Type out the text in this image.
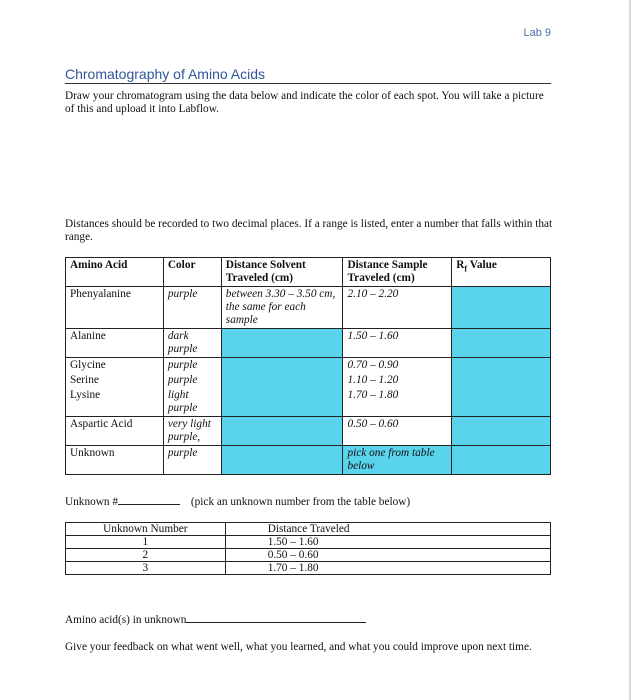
Lab 9
Chromatography of Amino Acids
Draw your chromatogram using the data below and indicate the color of each spot. You will take a picture of this and upload it into Labflow.
Distances should be recorded to two decimal places. If a range is listed, enter a number that falls within that range.
Amino Acid	Color	Distance Solvent Traveled (cm)	Distance Sample Traveled (cm)	$R_f$ Value
Phenyalanine	purple	between 3.30 – 3.50 cm, the same for each sample	2.10 – 2.20	
Alanine	dark purple		1.50 – 1.60	
Glycine	purple		0.70 – 0.90	
Serine	purple		1.10 – 1.20	
Lysine	light purple		1.70 – 1.80	
Aspartic Acid	very light purple,		0.50 – 0.60	
Unknown	purple		pick one from table below	
Unknown #	(pick an unknown number from the table below)
Unknown Number	Distance Traveled
1	1.50 – 1.60
2	0.50 – 0.60
3	1.70 – 1.80
Amino acid(s) in unknown
Give your feedback on what went well, what you learned, and what you could improve upon next time.
